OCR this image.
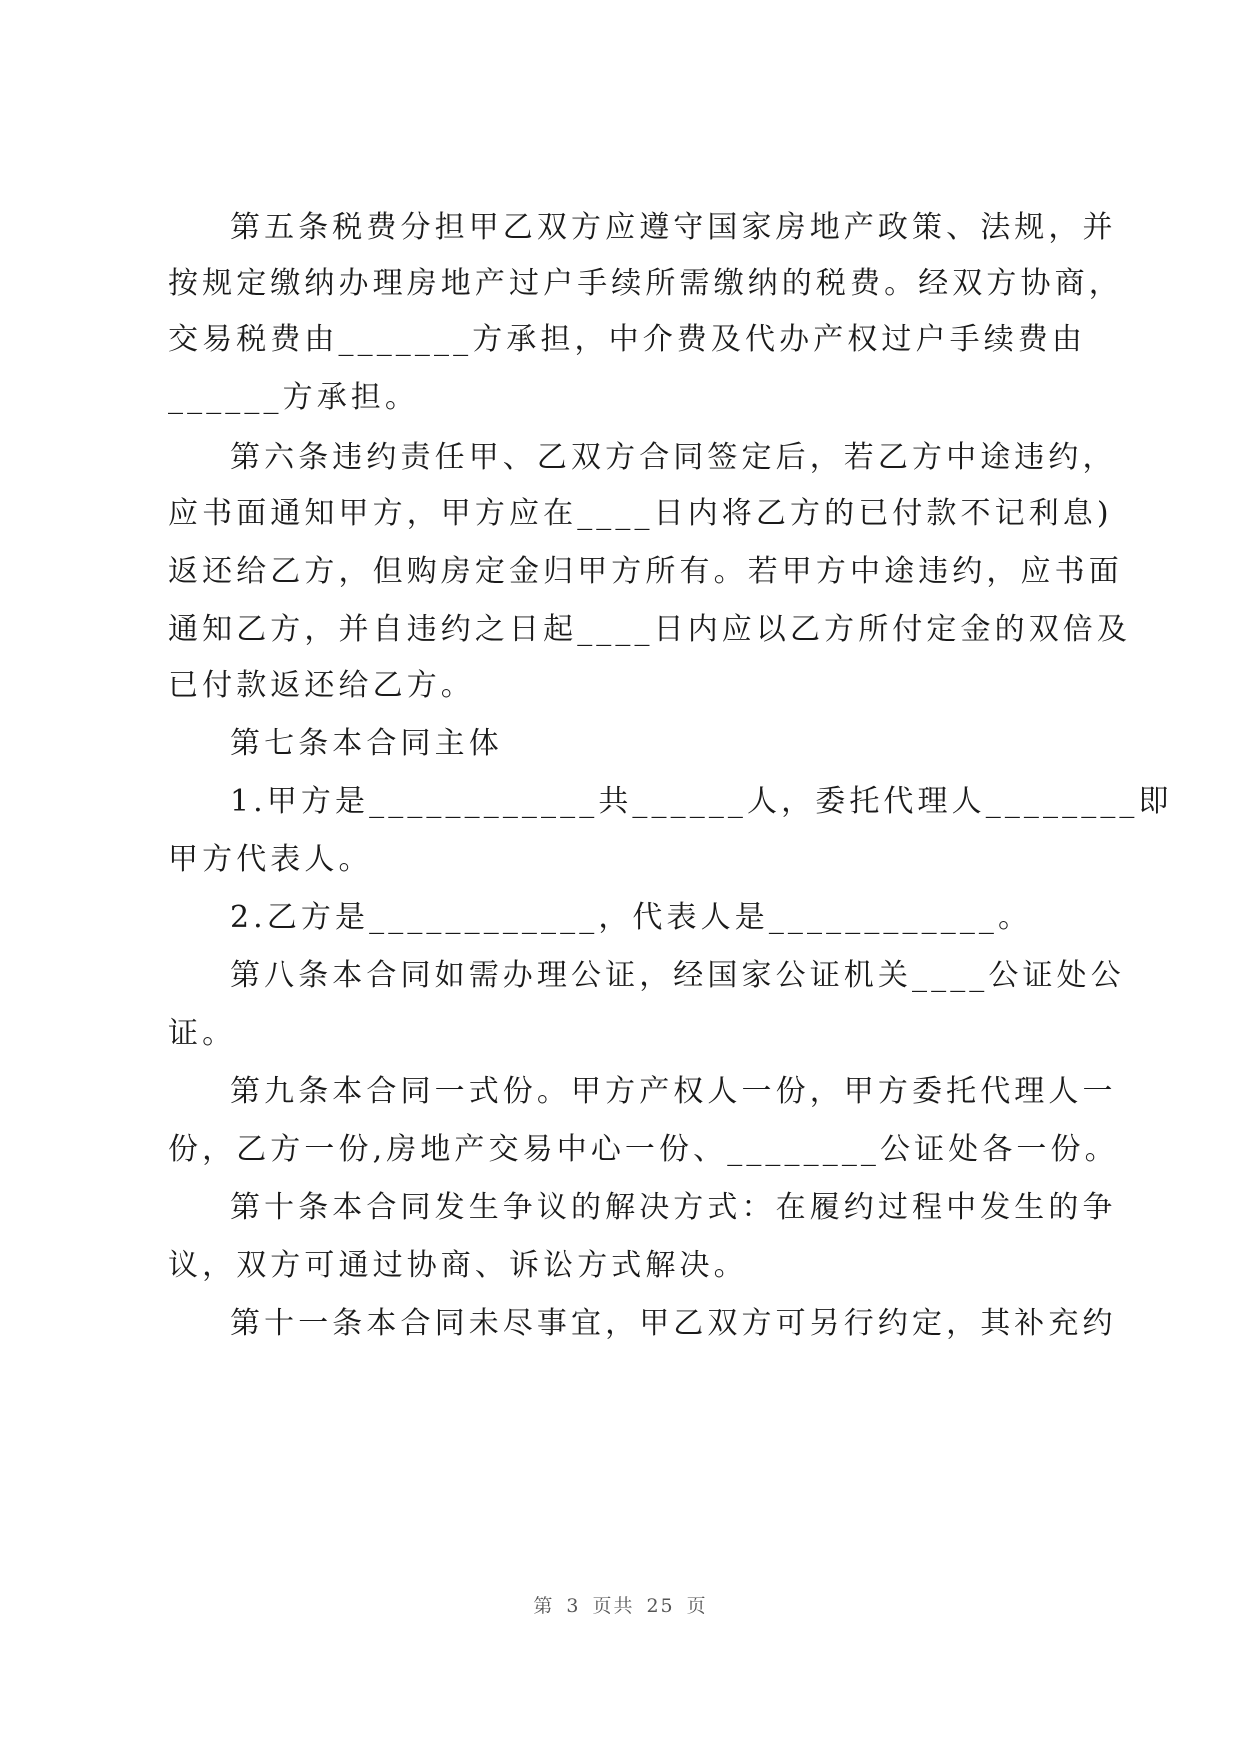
第五条税费分担甲乙双方应遵守国家房地产政策、法规，并
按规定缴纳办理房地产过户手续所需缴纳的税费。经双方协商，
交易税费由_______方承担，中介费及代办产权过户手续费由
______方承担。
第六条违约责任甲、乙双方合同签定后，若乙方中途违约，
应书面通知甲方，甲方应在____日内将乙方的已付款不记利息)
返还给乙方，但购房定金归甲方所有。若甲方中途违约，应书面
通知乙方，并自违约之日起____日内应以乙方所付定金的双倍及
已付款返还给乙方。
第七条本合同主体
1.甲方是____________共______人，委托代理人________即
甲方代表人。
2.乙方是____________，代表人是____________。
第八条本合同如需办理公证，经国家公证机关____公证处公
证。
第九条本合同一式份。甲方产权人一份，甲方委托代理人一
份，乙方一份,房地产交易中心一份、________公证处各一份。
第十条本合同发生争议的解决方式：在履约过程中发生的争
议，双方可通过协商、诉讼方式解决。
第十一条本合同未尽事宜，甲乙双方可另行约定，其补充约
第 3 页共 25 页
